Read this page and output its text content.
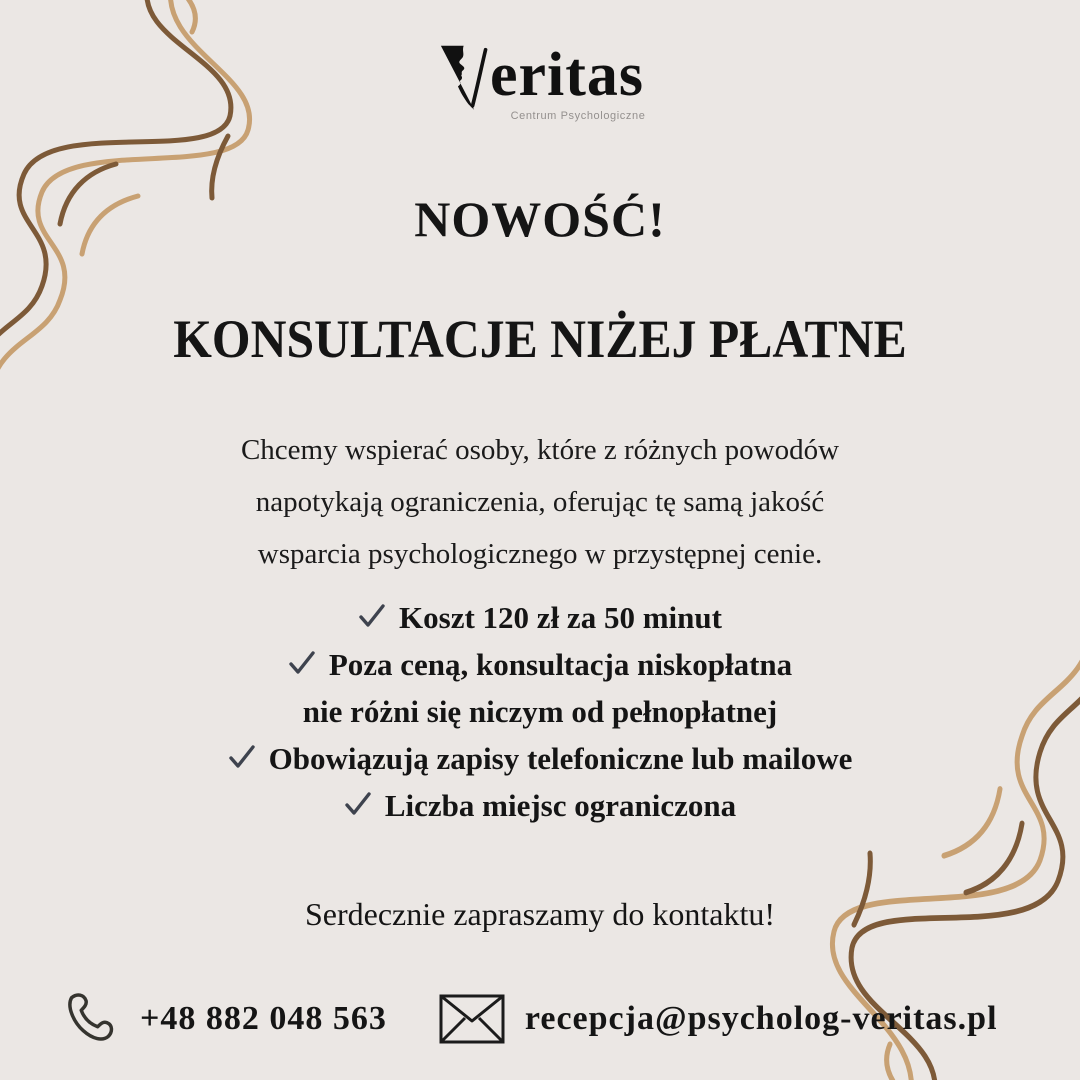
eritas
Centrum Psychologiczne
NOWOŚĆ!
KONSULTACJE NIŻEJ PŁATNE
Chcemy wspierać osoby, które z różnych powodów
napotykają ograniczenia, oferując tę samą jakość
wsparcia psychologicznego w przystępnej cenie.
Koszt 120 zł za 50 minut
Poza ceną, konsultacja niskopłatna
nie różni się niczym od pełnopłatnej
Obowiązują zapisy telefoniczne lub mailowe
Liczba miejsc ograniczona
Serdecznie zapraszamy do kontaktu!
+48 882 048 563	recepcja@psycholog-veritas.pl
